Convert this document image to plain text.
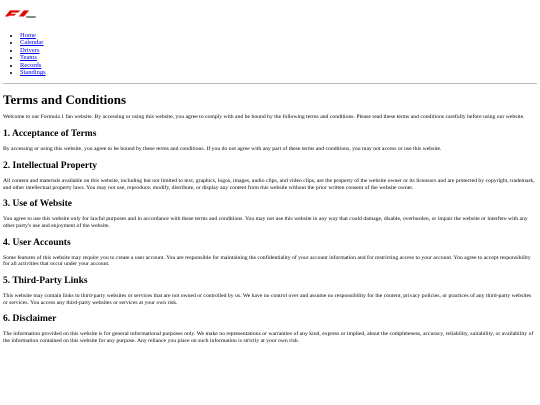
• Home
• Calendar
• Drivers
• Teams
• Records
• Standings
Terms and Conditions

Welcome to our Formula 1 fan website. By accessing or using this website, you agree to comply with and be bound by the following terms and conditions. Please read these terms and conditions carefully before using our website.

1. Acceptance of Terms

By accessing or using this website, you agree to be bound by these terms and conditions. If you do not agree with any part of these terms and conditions, you may not access or use this website.

2. Intellectual Property

All content and materials available on this website, including but not limited to text, graphics, logos, images, audio clips, and video clips, are the property of the website owner or its licensors and are protected by copyright, trademark, and other intellectual property laws. You may not use, reproduce, modify, distribute, or display any content from this website without the prior written consent of the website owner.

3. Use of Website

You agree to use this website only for lawful purposes and in accordance with these terms and conditions. You may not use this website in any way that could damage, disable, overburden, or impair the website or interfere with any other party's use and enjoyment of the website.

4. User Accounts

Some features of this website may require you to create a user account. You are responsible for maintaining the confidentiality of your account information and for restricting access to your account. You agree to accept responsibility for all activities that occur under your account.

5. Third-Party Links

This website may contain links to third-party websites or services that are not owned or controlled by us. We have no control over and assume no responsibility for the content, privacy policies, or practices of any third-party websites or services. You access any third-party websites or services at your own risk.

6. Disclaimer

The information provided on this website is for general informational purposes only. We make no representations or warranties of any kind, express or implied, about the completeness, accuracy, reliability, suitability, or availability of the information contained on this website for any purpose. Any reliance you place on such information is strictly at your own risk.
